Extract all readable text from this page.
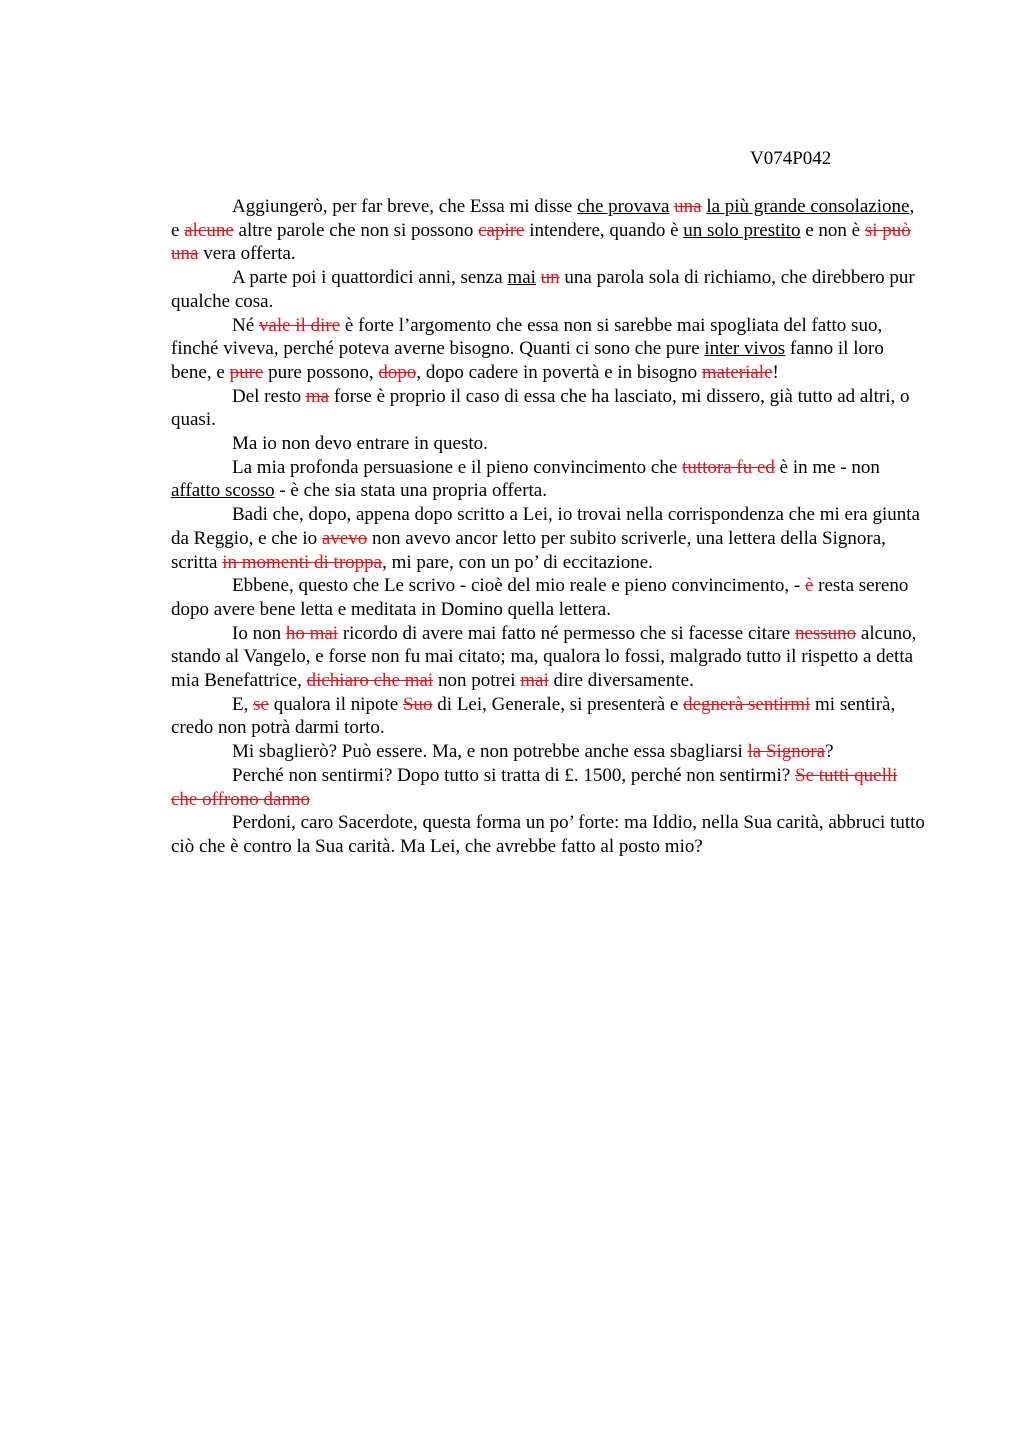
V074P042

Aggiungerò, per far breve, che Essa mi disse che provava una la più grande consolazione, e alcune altre parole che non si possono capire intendere, quando è un solo prestito e non è si può una vera offerta.

A parte poi i quattordici anni, senza mai un una parola sola di richiamo, che direbbero pur qualche cosa.

Né vale il dire è forte l’argomento che essa non si sarebbe mai spogliata del fatto suo, finché viveva, perché poteva averne bisogno. Quanti ci sono che pure inter vivos fanno il loro bene, e pure pure possono, dopo, dopo cadere in povertà e in bisogno materiale!

Del resto ma forse è proprio il caso di essa che ha lasciato, mi dissero, già tutto ad altri, o quasi.

Ma io non devo entrare in questo.

La mia profonda persuasione e il pieno convincimento che tuttora fu ed è in me - non affatto scosso - è che sia stata una propria offerta.

Badi che, dopo, appena dopo scritto a Lei, io trovai nella corrispondenza che mi era giunta da Reggio, e che io avevo non avevo ancor letto per subito scriverle, una lettera della Signora, scritta in momenti di troppa, mi pare, con un po’ di eccitazione.

Ebbene, questo che Le scrivo - cioè del mio reale e pieno convincimento, - è resta sereno dopo avere bene letta e meditata in Domino quella lettera.

Io non ho mai ricordo di avere mai fatto né permesso che si facesse citare nessuno alcuno, stando al Vangelo, e forse non fu mai citato; ma, qualora lo fossi, malgrado tutto il rispetto a detta mia Benefattrice, dichiaro che mai non potrei mai dire diversamente.

E, se qualora il nipote Suo di Lei, Generale, si presenterà e degnerà sentirmi mi sentirà, credo non potrà darmi torto.

Mi sbaglierò? Può essere. Ma, e non potrebbe anche essa sbagliarsi la Signora?

Perché non sentirmi? Dopo tutto si tratta di £. 1500, perché non sentirmi? Se tutti quelli che offrono danno

Perdoni, caro Sacerdote, questa forma un po’ forte: ma Iddio, nella Sua carità, abbruci tutto ciò che è contro la Sua carità. Ma Lei, che avrebbe fatto al posto mio?
